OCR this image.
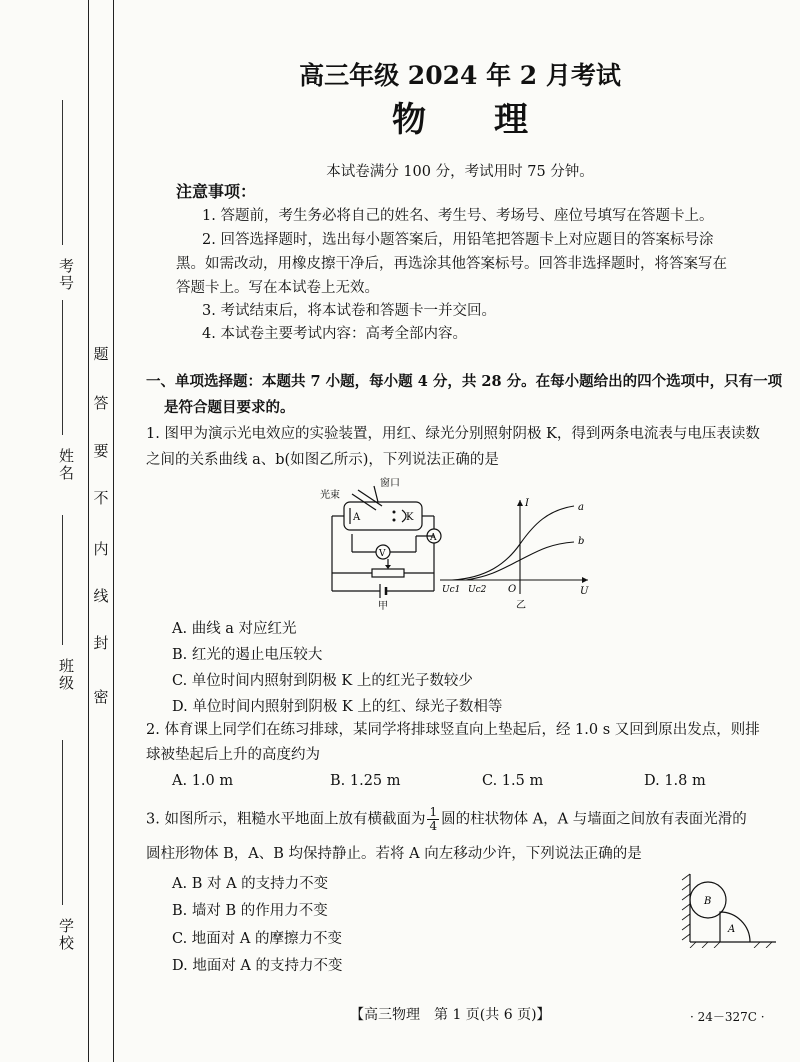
考号
姓名
班级
学校
密
封
线
内
不
要
答
题
高三年级 2024 年 2 月考试
物　　理
本试卷满分 100 分，考试用时 75 分钟。
注意事项：
1. 答题前，考生务必将自己的姓名、考生号、考场号、座位号填写在答题卡上。
2. 回答选择题时，选出每小题答案后，用铅笔把答题卡上对应题目的答案标号涂
黑。如需改动，用橡皮擦干净后，再选涂其他答案标号。回答非选择题时，将答案写在
答题卡上。写在本试卷上无效。
3. 考试结束后，将本试卷和答题卡一并交回。
4. 本试卷主要考试内容：高考全部内容。
一、单项选择题：本题共 7 小题，每小题 4 分，共 28 分。在每小题给出的四个选项中，只有一项
是符合题目要求的。
1. 图甲为演示光电效应的实验装置，用红、绿光分别照射阴极 K，得到两条电流表与电压表读数
之间的关系曲线 a、b(如图乙所示)，下列说法正确的是
窗口
光束
A	K
V
A
甲
I
U
O
Uc1 Uc2
a
b
乙
A. 曲线 a 对应红光
B. 红光的遏止电压较大
C. 单位时间内照射到阴极 K 上的红光子数较少
D. 单位时间内照射到阴极 K 上的红、绿光子数相等
2. 体育课上同学们在练习排球，某同学将排球竖直向上垫起后，经 1.0 s 又回到原出发点，则排
球被垫起后上升的高度约为
A. 1.0 m	B. 1.25 m	C. 1.5 m	D. 1.8 m
3. 如图所示，粗糙水平地面上放有横截面为 $\frac{1}{4}$ 圆的柱状物体 A，A 与墙面之间放有表面光滑的
圆柱形物体 B，A、B 均保持静止。若将 A 向左移动少许，下列说法正确的是
A. B 对 A 的支持力不变
B. 墙对 B 的作用力不变
C. 地面对 A 的摩擦力不变
D. 地面对 A 的支持力不变
B
A
【高三物理　第 1 页(共 6 页)】	· 24－327C ·
